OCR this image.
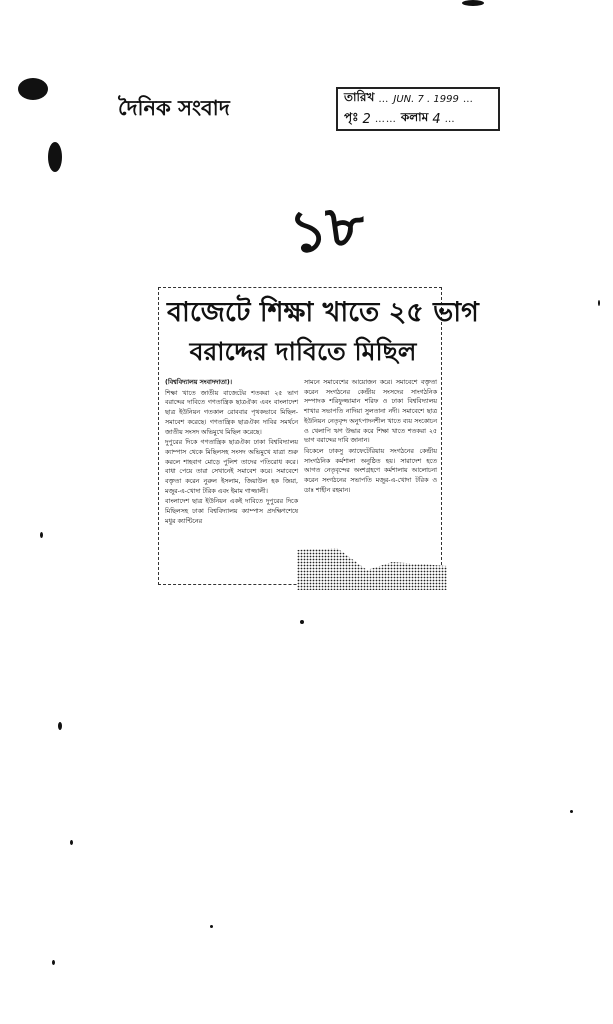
দৈনিক সংবাদ	তারিখ … JUN. 7 . 1999 …
পৃঃ 2 …… কলাম 4 …
১৮
বাজেটে শিক্ষা খাতে ২৫ ভাগ
বরাদ্দের দাবিতে মিছিল

(বিশ্ববিদ্যালয় সংবাদদাতা)।

শিক্ষা খাতে জাতীয় বাজেটের শতকরা ২৫ ভাগ বরাদ্দের দাবিতে গণতান্ত্রিক ছাত্রঐক্য এবং বাংলাদেশ ছাত্র ইউনিয়ন গতকাল রোববার পৃথকভাবে মিছিল-সমাবেশ করেছে। গণতান্ত্রিক ছাত্রঐক্য দাবির সমর্থনে জাতীয় সংসদ অভিমুখে মিছিল করেছে।

দুপুরের দিকে গণতান্ত্রিক ছাত্রঐক্য ঢাকা বিশ্ববিদ্যালয় ক্যাম্পাস থেকে মিছিলসহ সংসদ অভিমুখে যাত্রা শুরু করলে শাহবাগ মোড়ে পুলিশ তাদের পতিরোধ করে। বাধা পেয়ে তারা সেখানেই সমাবেশ করে। সমাবেশে বক্তৃতা করেন নুরুল ইসলাম, জিয়াউল হক জিয়া, মজুর-এ-খোদা টরিক এবং ইমাম গাজ্জালী।

বাংলাদেশ ছাত্র ইউনিয়ন একই দাবিতে দুপুরের দিকে মিছিলসহ ঢাকা বিশ্ববিদ্যালয় ক্যাম্পাস প্রদক্ষিণশেষে মধুর ক্যান্টিনের

সামনে সমাবেশের আয়োজন করে। সমাবেশে বক্তৃতা করেন সংগঠনের কেন্দ্রীয় সংসদের সাংগঠনিক সম্পাদক শরিফুজ্জামান শরিফ ও ঢাকা বিশ্ববিদ্যালয় শাখার সভাপতি নাদিয়া সুলতানা নদী। সমাবেশে ছাত্র ইউনিয়ন নেতৃবৃন্দ অনুৎপাদনশীল খাতে ব্যয় সংকোচন ও খেলাপি ঋণ উদ্ধার করে শিক্ষা খাতে শতকরা ২৫ ভাগ বরাদ্দের দাবি জানান।

বিকেলে ঢাকসু ক্যাফেটেরিয়ায় সংগঠনের কেন্দ্রীয় সাংগঠনিক কর্মশালা অনুষ্ঠিত হয়। সারাদেশ হতে আগত নেতৃবৃন্দের অংশগ্রহণে কর্মশালায় আলোচনা করেন সংগঠনের সভাপতি মজুর-এ-খোদা টরিক ও ডাঃ শাহীন রহমান।
